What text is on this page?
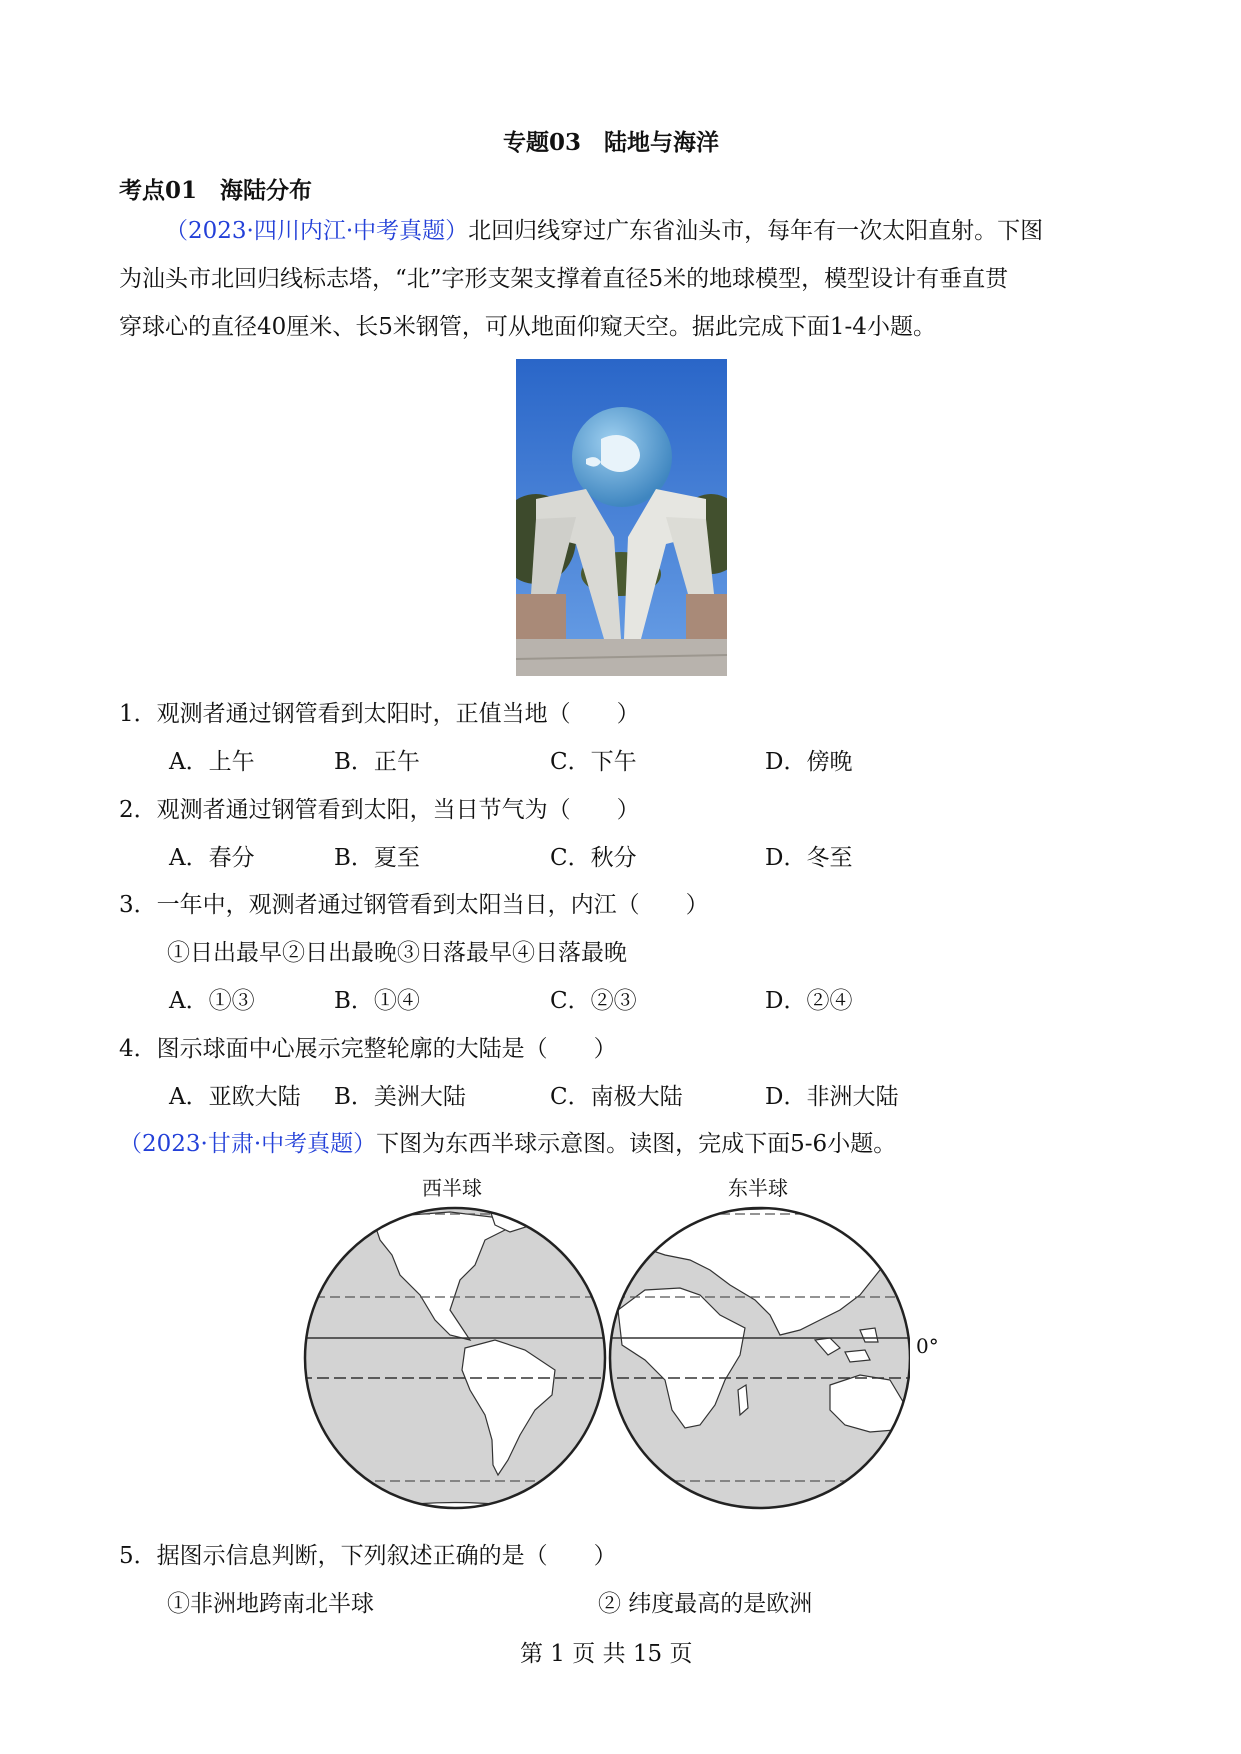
专题03　陆地与海洋
考点01　海陆分布
（2023·四川内江·中考真题）北回归线穿过广东省汕头市，每年有一次太阳直射。下图
为汕头市北回归线标志塔，“北”字形支架支撑着直径5米的地球模型，模型设计有垂直贯
穿球心的直径40厘米、长5米钢管，可从地面仰窥天空。据此完成下面1-4小题。
1．观测者通过钢管看到太阳时，正值当地（　　）
A．上午	B．正午	C．下午	D．傍晚
2．观测者通过钢管看到太阳，当日节气为（　　）
A．春分	B．夏至	C．秋分	D．冬至
3．一年中，观测者通过钢管看到太阳当日，内江（　　）
①日出最早②日出最晚③日落最早④日落最晚
A．①③	B．①④	C．②③	D．②④
4．图示球面中心展示完整轮廓的大陆是（　　）
A．亚欧大陆 B．美洲大陆	C．南极大陆	D．非洲大陆
（2023·甘肃·中考真题）下图为东西半球示意图。读图，完成下面5-6小题。
西半球	东半球
0°
5．据图示信息判断，下列叙述正确的是（　　）
①非洲地跨南北半球	② 纬度最高的是欧洲
第 1 页 共 15 页
